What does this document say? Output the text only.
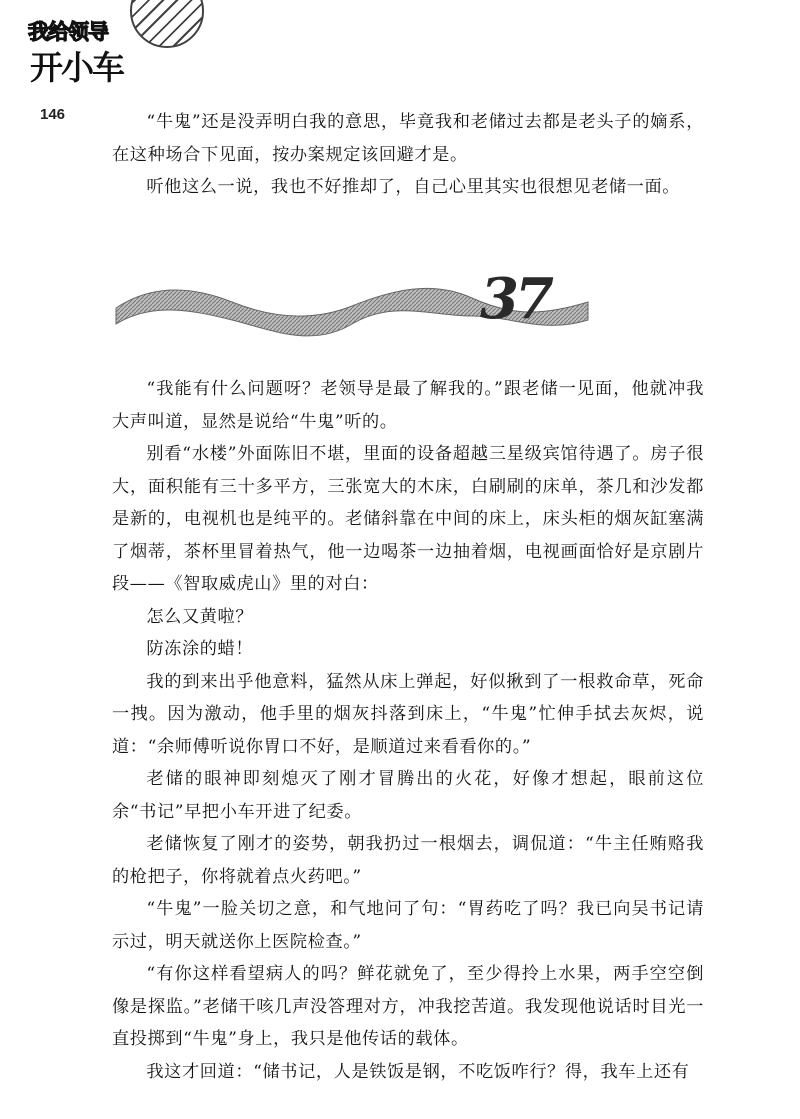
我给领导
开小车
146	“牛鬼”还是没弄明白我的意思，毕竟我和老储过去都是老头子的嫡系，在这种场合下见面，按办案规定该回避才是。

听他这么一说，我也不好推却了，自己心里其实也很想见老储一面。

37

“我能有什么问题呀？老领导是最了解我的。”跟老储一见面，他就冲我大声叫道，显然是说给“牛鬼”听的。

别看“水楼”外面陈旧不堪，里面的设备超越三星级宾馆待遇了。房子很大，面积能有三十多平方，三张宽大的木床，白刷刷的床单，茶几和沙发都是新的，电视机也是纯平的。老储斜靠在中间的床上，床头柜的烟灰缸塞满了烟蒂，茶杯里冒着热气，他一边喝茶一边抽着烟，电视画面恰好是京剧片段——《智取威虎山》里的对白：

怎么又黄啦？

防冻涂的蜡！

我的到来出乎他意料，猛然从床上弹起，好似揪到了一根救命草，死命一拽。因为激动，他手里的烟灰抖落到床上，“牛鬼”忙伸手拭去灰烬，说道：“余师傅听说你胃口不好，是顺道过来看看你的。”

老储的眼神即刻熄灭了刚才冒腾出的火花，好像才想起，眼前这位余“书记”早把小车开进了纪委。

老储恢复了刚才的姿势，朝我扔过一根烟去，调侃道：“牛主任贿赂我的枪把子，你将就着点火药吧。”

“牛鬼”一脸关切之意，和气地问了句：“胃药吃了吗？我已向吴书记请示过，明天就送你上医院检查。”

“有你这样看望病人的吗？鲜花就免了，至少得拎上水果，两手空空倒像是探监。”老储干咳几声没答理对方，冲我挖苦道。我发现他说话时目光一直投掷到“牛鬼”身上，我只是他传话的载体。

我这才回道：“储书记，人是铁饭是钢，不吃饭咋行？得，我车上还有
